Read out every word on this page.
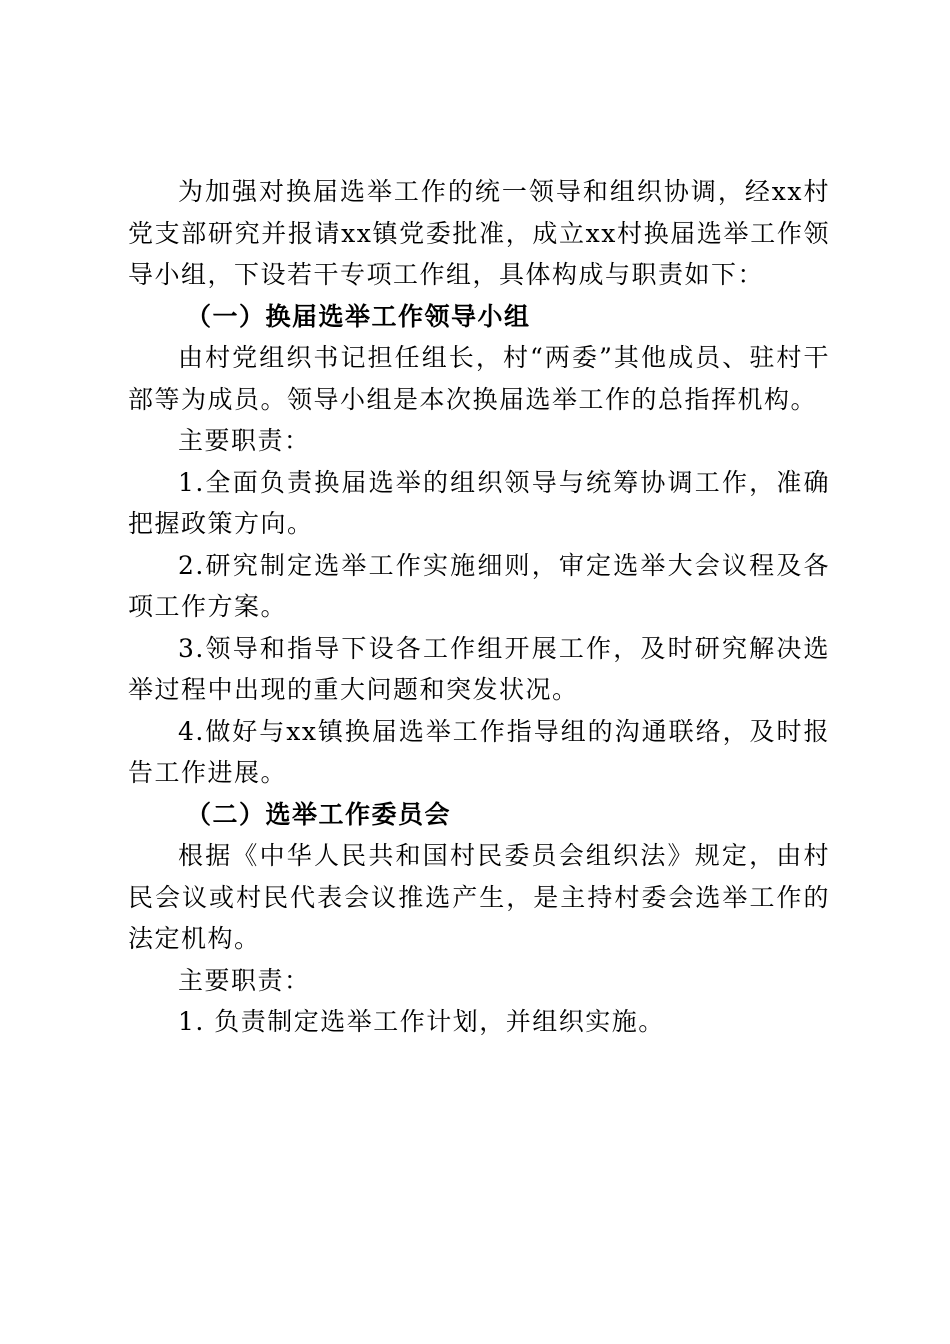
为加强对换届选举工作的统一领导和组织协调，经xx村党支部研究并报请xx镇党委批准，成立xx村换届选举工作领导小组，下设若干专项工作组，具体构成与职责如下：

（一）换届选举工作领导小组

由村党组织书记担任组长，村“两委”其他成员、驻村干部等为成员。领导小组是本次换届选举工作的总指挥机构。

主要职责：

1.全面负责换届选举的组织领导与统筹协调工作，准确把握政策方向。

2.研究制定选举工作实施细则，审定选举大会议程及各项工作方案。

3.领导和指导下设各工作组开展工作，及时研究解决选举过程中出现的重大问题和突发状况。

4.做好与xx镇换届选举工作指导组的沟通联络，及时报告工作进展。

（二）选举工作委员会

根据《中华人民共和国村民委员会组织法》规定，由村民会议或村民代表会议推选产生，是主持村委会选举工作的法定机构。

主要职责：

1. 负责制定选举工作计划，并组织实施。
